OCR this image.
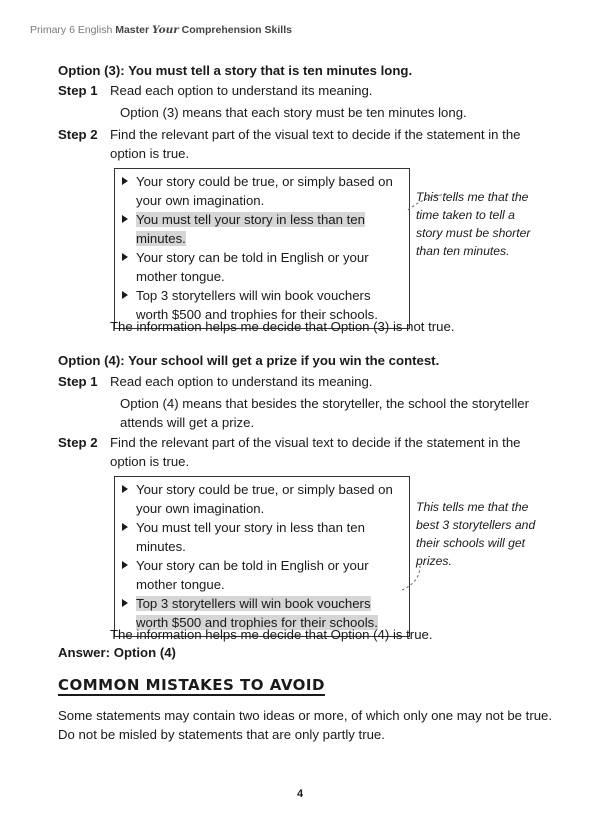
Primary 6 English Master Your Comprehension Skills
Option (3): You must tell a story that is ten minutes long.
Step 1 Read each option to understand its meaning.
Option (3) means that each story must be ten minutes long.
Step 2 Find the relevant part of the visual text to decide if the statement in the option is true.

Your story could be true, or simply based on your own imagination.

You must tell your story in less than ten minutes.

Your story can be told in English or your mother tongue.

Top 3 storytellers will win book vouchers worth $500 and trophies for their schools.

This tells me that the time taken to tell a story must be shorter than ten minutes.
The information helps me decide that Option (3) is not true.
Option (4): Your school will get a prize if you win the contest.
Step 1 Read each option to understand its meaning.
Option (4) means that besides the storyteller, the school the storyteller attends will get a prize.
Step 2 Find the relevant part of the visual text to decide if the statement in the option is true.

Your story could be true, or simply based on your own imagination.

You must tell your story in less than ten minutes.

Your story can be told in English or your mother tongue.

Top 3 storytellers will win book vouchers worth $500 and trophies for their schools.

This tells me that the best 3 storytellers and their schools will get prizes.
The information helps me decide that Option (4) is true.
Answer: Option (4)
COMMON MISTAKES TO AVOID
Some statements may contain two ideas or more, of which only one may not be true. Do not be misled by statements that are only partly true.
4
